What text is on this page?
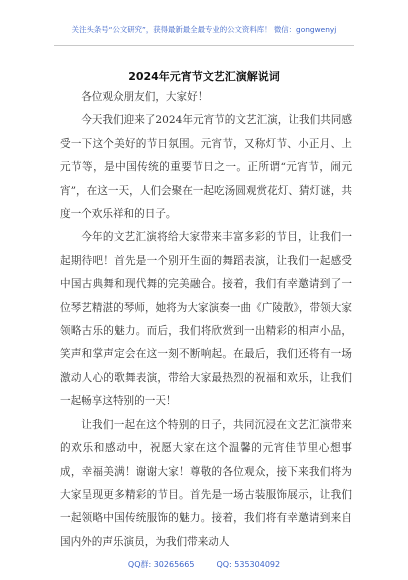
关注头条号“公文研究”，获得最新最全最专业的公文资料库！ 微信：gongwenyj
2024年元宵节文艺汇演解说词

各位观众朋友们，大家好！

今天我们迎来了2024年元宵节的文艺汇演，让我们共同感受一下这个美好的节日氛围。元宵节，又称灯节、小正月、上元节等，是中国传统的重要节日之一。正所谓“元宵节，闹元宵”，在这一天，人们会聚在一起吃汤圆观赏花灯、猜灯谜，共度一个欢乐祥和的日子。

今年的文艺汇演将给大家带来丰富多彩的节目，让我们一起期待吧！首先是一个别开生面的舞蹈表演，让我们一起感受中国古典舞和现代舞的完美融合。接着，我们有幸邀请到了一位琴艺精湛的琴师，她将为大家演奏一曲《广陵散》，带领大家领略古乐的魅力。而后，我们将欣赏到一出精彩的相声小品，笑声和掌声定会在这一刻不断响起。在最后，我们还将有一场激动人心的歌舞表演，带给大家最热烈的祝福和欢乐，让我们一起畅享这特别的一天！

让我们一起在这个特别的日子，共同沉浸在文艺汇演带来的欢乐和感动中，祝愿大家在这个温馨的元宵佳节里心想事成，幸福美满！谢谢大家！尊敬的各位观众，接下来我们将为大家呈现更多精彩的节目。首先是一场古装服饰展示，让我们一起领略中国传统服饰的魅力。接着，我们将有幸邀请到来自国内外的声乐演员，为我们带来动人

QQ群: 30265665	QQ: 535304092
